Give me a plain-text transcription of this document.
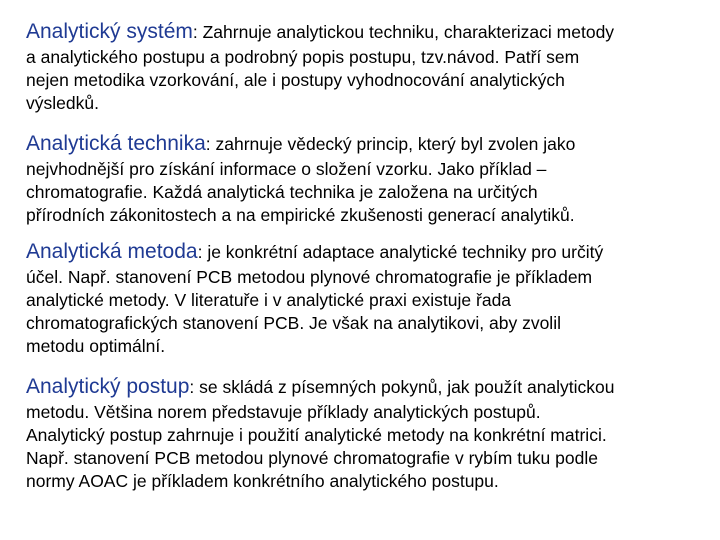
Analytický systém: Zahrnuje analytickou techniku, charakterizaci metody
a analytického postupu a podrobný popis postupu, tzv.návod. Patří sem
nejen metodika vzorkování, ale i postupy vyhodnocování analytických
výsledků.
Analytická technika: zahrnuje vědecký princip, který byl zvolen jako
nejvhodnější pro získání informace o složení vzorku. Jako příklad –
chromatografie. Každá analytická technika je založena na určitých
přírodních zákonitostech a na empirické zkušenosti generací analytiků.
Analytická metoda: je konkrétní adaptace analytické techniky pro určitý
účel. Např. stanovení PCB metodou plynové chromatografie je příkladem
analytické metody. V literatuře i v analytické praxi existuje řada
chromatografických stanovení PCB. Je však na analytikovi, aby zvolil
metodu optimální.
Analytický postup: se skládá z písemných pokynů, jak použít analytickou
metodu. Většina norem představuje příklady analytických postupů.
Analytický postup zahrnuje i použití analytické metody na konkrétní matrici.
Např. stanovení PCB metodou plynové chromatografie v rybím tuku podle
normy AOAC je příkladem konkrétního analytického postupu.
